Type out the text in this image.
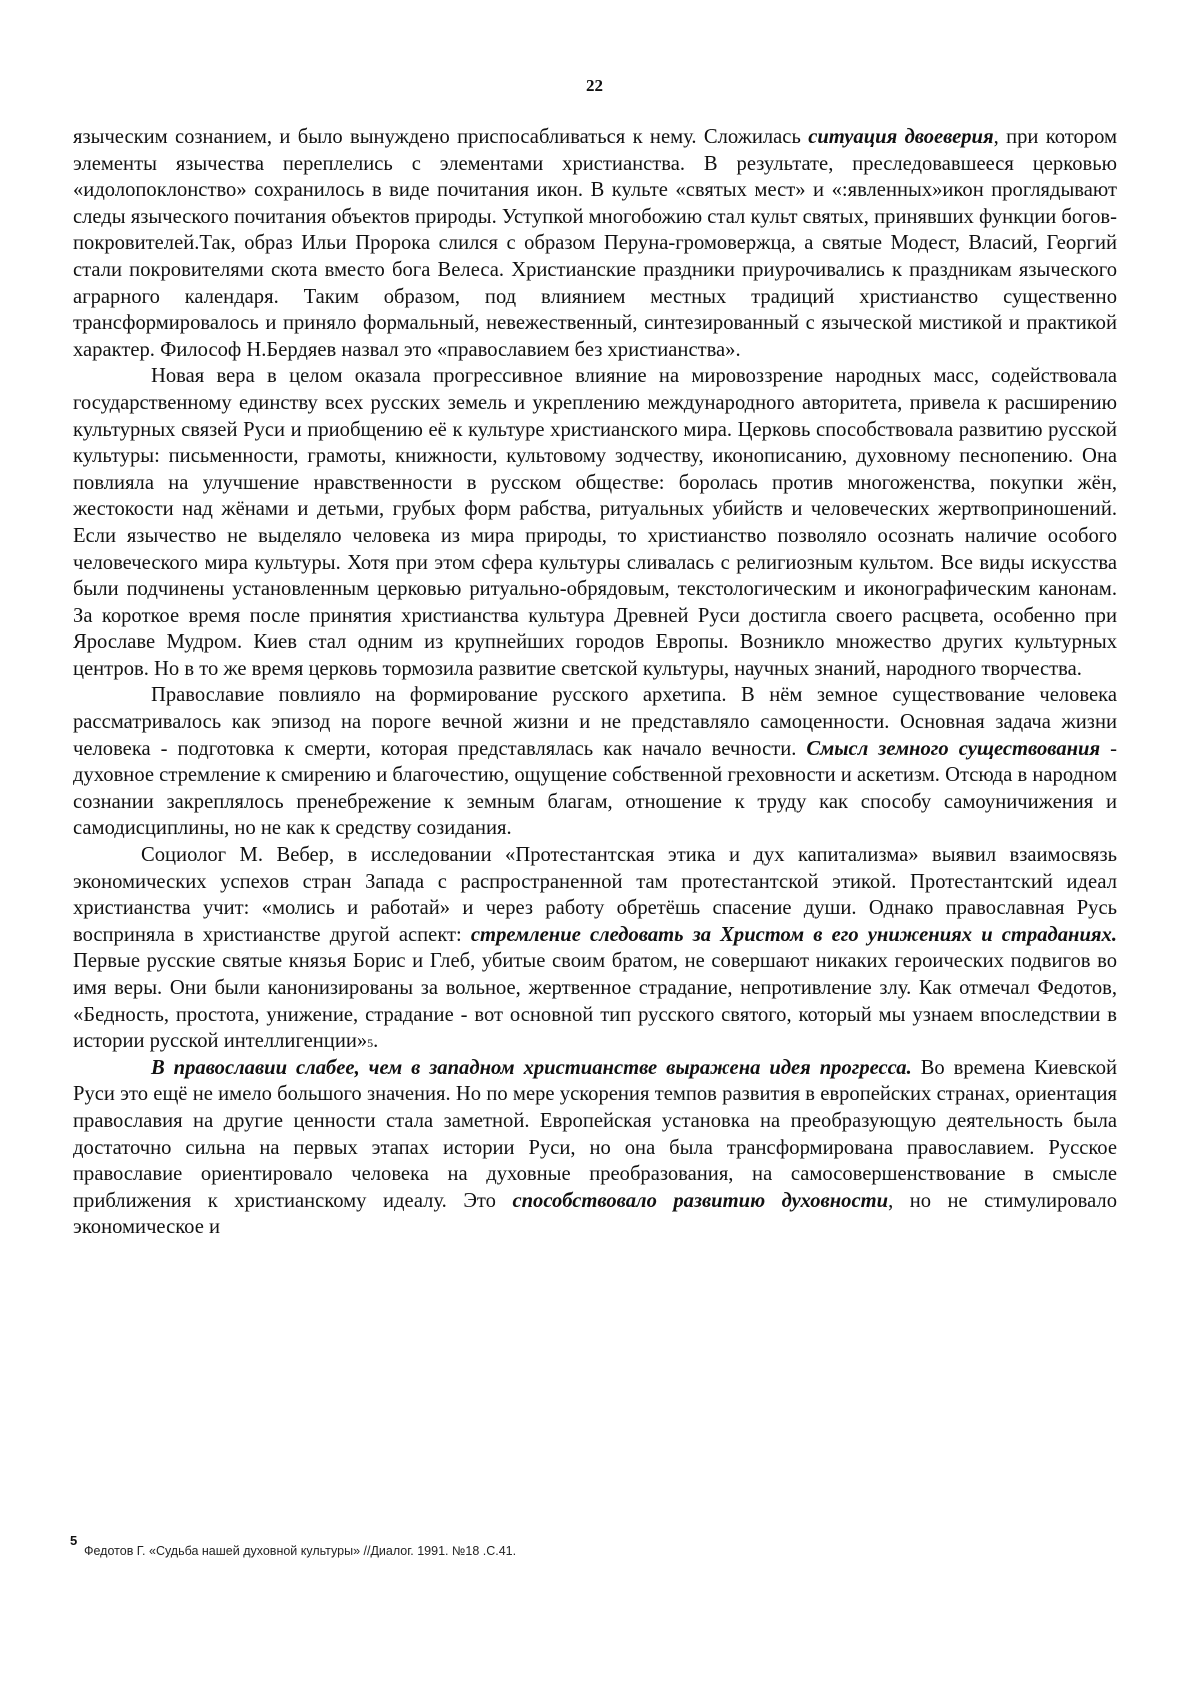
22

языческим сознанием, и было вынуждено приспосабливаться к нему. Сложилась ситуация двоеверия, при котором элементы язычества переплелись с элементами христианства. В результате, преследовавшееся церковью «идолопоклонство» сохранилось в виде почитания икон. В культе «святых мест» и «:явленных»икон проглядывают следы языческого почитания объектов природы. Уступкой многобожию стал культ святых, принявших функции богов-покровителей.Так, образ Ильи Пророка слился с образом Перуна-громовержца, а святые Модест, Власий, Георгий стали покровителями скота вместо бога Велеса. Христианские праздники приурочивались к праздникам языческого аграрного календаря. Таким образом, под влиянием местных традиций христианство существенно трансформировалось и приняло формальный, невежественный, синтезированный с языческой мистикой и практикой характер. Философ Н.Бердяев назвал это «православием без христианства».

Новая вера в целом оказала прогрессивное влияние на мировоззрение народных масс, содействовала государственному единству всех русских земель и укреплению международного авторитета, привела к расширению культурных связей Руси и приобщению её к культуре христианского мира. Церковь способствовала развитию русской культуры: письменности, грамоты, книжности, культовому зодчеству, иконописанию, духовному песнопению. Она повлияла на улучшение нравственности в русском обществе: боролась против многоженства, покупки жён, жестокости над жёнами и детьми, грубых форм рабства, ритуальных убийств и человеческих жертвоприношений. Если язычество не выделяло человека из мира природы, то христианство позволяло осознать наличие особого человеческого мира культуры. Хотя при этом сфера культуры сливалась с религиозным культом. Все виды искусства были подчинены установленным церковью ритуально-обрядовым, текстологическим и иконографическим канонам. За короткое время после принятия христианства культура Древней Руси достигла своего расцвета, особенно при Ярославе Мудром. Киев стал одним из крупнейших городов Европы. Возникло множество других культурных центров. Но в то же время церковь тормозила развитие светской культуры, научных знаний, народного творчества.

Православие повлияло на формирование русского архетипа. В нём земное существование человека рассматривалось как эпизод на пороге вечной жизни и не представляло самоценности. Основная задача жизни человека - подготовка к смерти, которая представлялась как начало вечности. Смысл земного существования - духовное стремление к смирению и благочестию, ощущение собственной греховности и аскетизм. Отсюда в народном сознании закреплялось пренебрежение к земным благам, отношение к труду как способу самоуничижения и самодисциплины, но не как к средству созидания.

Социолог М. Вебер, в исследовании «Протестантская этика и дух капитализма» выявил взаимосвязь экономических успехов стран Запада с распространенной там протестантской этикой. Протестантский идеал христианства учит: «молись и работай» и через работу обретёшь спасение души. Однако православная Русь восприняла в христианстве другой аспект: стремление следовать за Христом в его унижениях и страданиях. Первые русские святые князья Борис и Глеб, убитые своим братом, не совершают никаких героических подвигов во имя веры. Они были канонизированы за вольное, жертвенное страдание, непротивление злу. Как отмечал Федотов, «Бедность, простота, унижение, страдание - вот основной тип русского святого, который мы узнаем впоследствии в истории русской интеллигенции»5.

В православии слабее, чем в западном христианстве выражена идея прогресса. Во времена Киевской Руси это ещё не имело большого значения. Но по мере ускорения темпов развития в европейских странах, ориентация православия на другие ценности стала заметной. Европейская установка на преобразующую деятельность была достаточно сильна на первых этапах истории Руси, но она была трансформирована православием. Русское православие ориентировало человека на духовные преобразования, на самосовершенствование в смысле приближения к христианскому идеалу. Это способствовало развитию духовности, но не стимулировало экономическое и

5
Федотов Г. «Судьба нашей духовной культуры» //Диалог. 1991. №18 .С.41.
